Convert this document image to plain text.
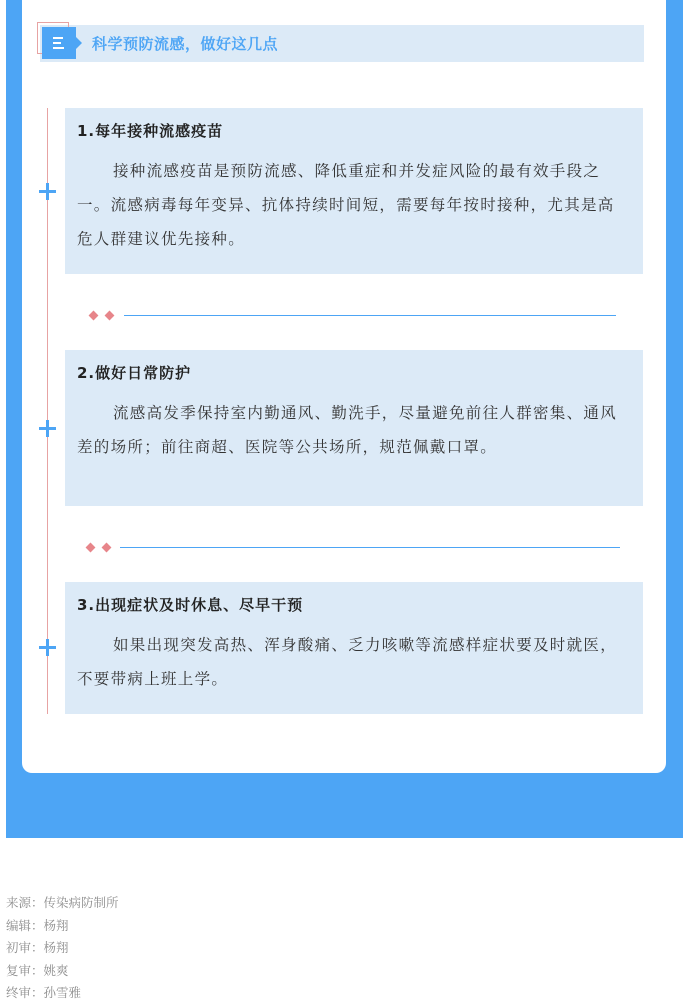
科学预防流感，做好这几点
1.每年接种流感疫苗

接种流感疫苗是预防流感、降低重症和并发症风险的最有效手段之一。流感病毒每年变异、抗体持续时间短，需要每年按时接种，尤其是高危人群建议优先接种。

2.做好日常防护

流感高发季保持室内勤通风、勤洗手，尽量避免前往人群密集、通风差的场所；前往商超、医院等公共场所，规范佩戴口罩。

3.出现症状及时休息、尽早干预

如果出现突发高热、浑身酸痛、乏力咳嗽等流感样症状要及时就医，不要带病上班上学。

来源：传染病防制所
编辑：杨翔
初审：杨翔
复审：姚爽
终审：孙雪雅
